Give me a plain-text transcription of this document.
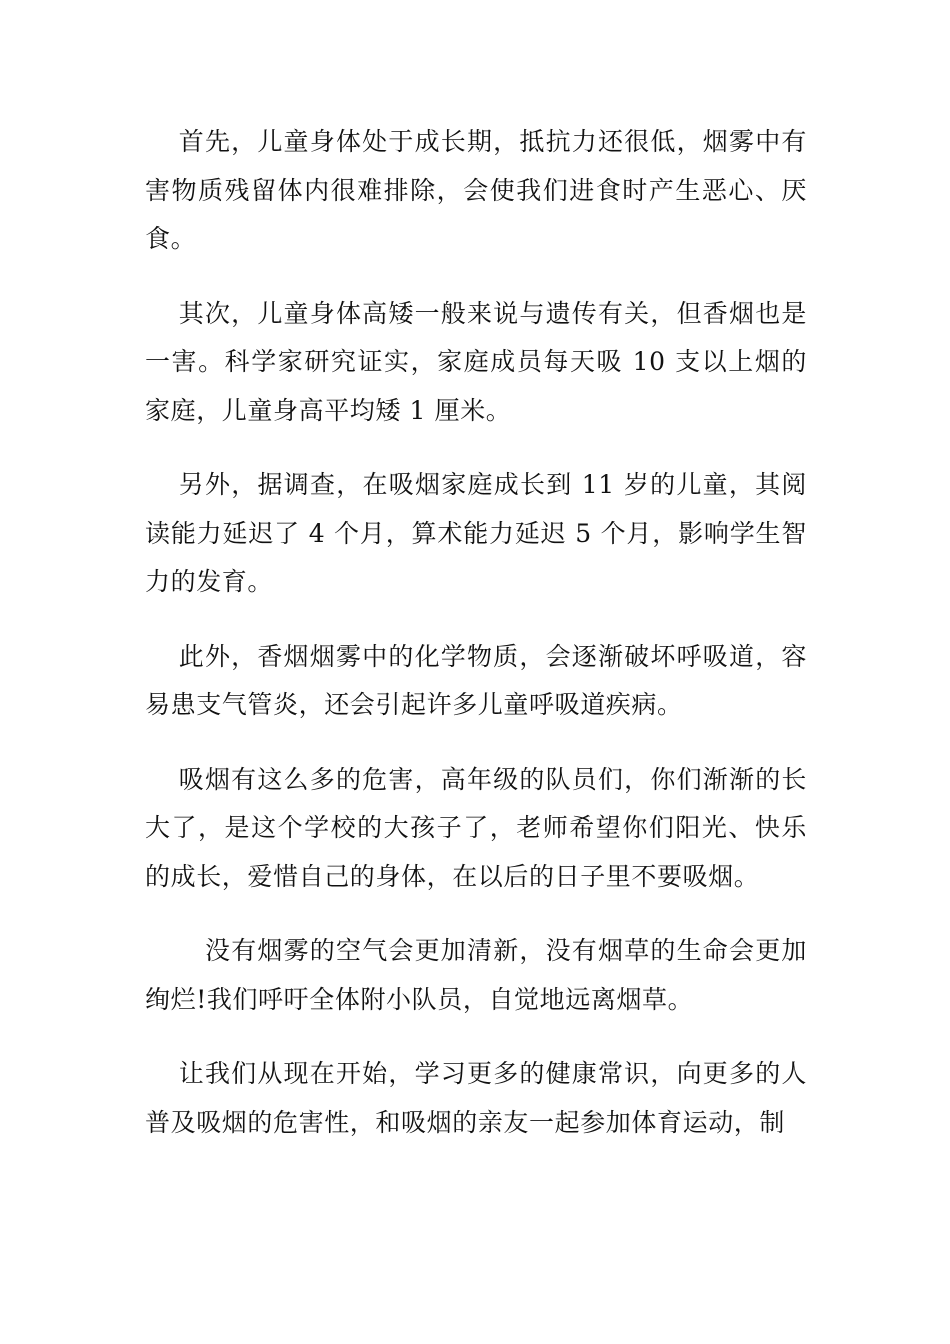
首先，儿童身体处于成长期，抵抗力还很低，烟雾中有害物质残留体内很难排除，会使我们进食时产生恶心、厌食。

其次，儿童身体高矮一般来说与遗传有关，但香烟也是一害。科学家研究证实，家庭成员每天吸 10 支以上烟的家庭，儿童身高平均矮 1 厘米。

另外，据调查，在吸烟家庭成长到 11 岁的儿童，其阅读能力延迟了 4 个月，算术能力延迟 5 个月，影响学生智力的发育。

此外，香烟烟雾中的化学物质，会逐渐破坏呼吸道，容易患支气管炎，还会引起许多儿童呼吸道疾病。

吸烟有这么多的危害，高年级的队员们，你们渐渐的长大了，是这个学校的大孩子了，老师希望你们阳光、快乐的成长，爱惜自己的身体，在以后的日子里不要吸烟。

没有烟雾的空气会更加清新，没有烟草的生命会更加绚烂!我们呼吁全体附小队员，自觉地远离烟草。

让我们从现在开始，学习更多的健康常识，向更多的人普及吸烟的危害性，和吸烟的亲友一起参加体育运动，制
